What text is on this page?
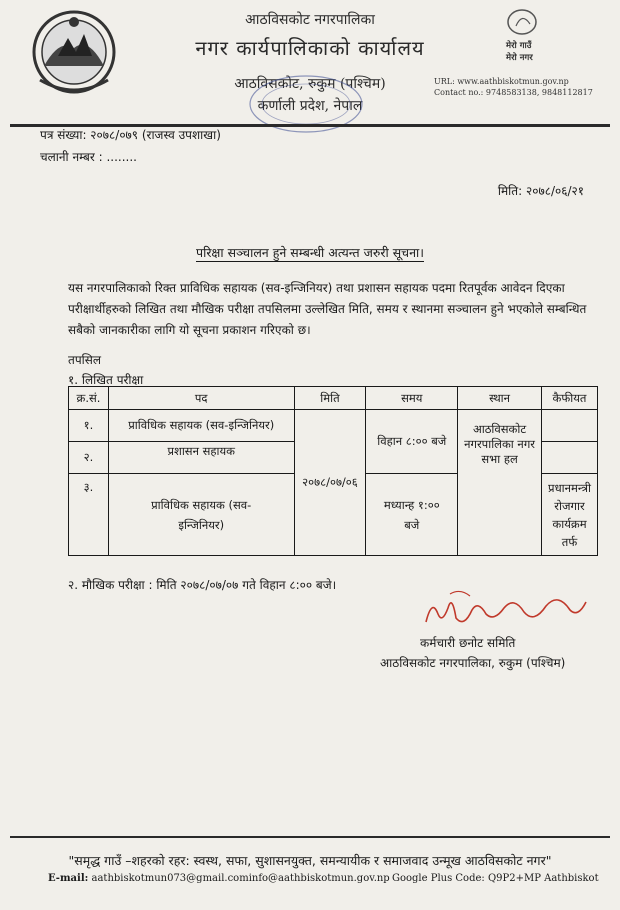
आठविसकोट नगरपालिका
नगर कार्यपालिकाको कार्यालय
आठविसकोट, रुकुम (पश्चिम)
कर्णाली प्रदेश, नेपाल
मेरो गाउँ
मेरो नगर
URL: www.aathbiskotmun.gov.np
Contact no.: 9748583138, 9848112817
पत्र संख्या: २०७८/०७९ (राजस्व उपशाखा)
चलानी नम्बर : ........
मिति: २०७८/०६/२१
परिक्षा सञ्चालन हुने सम्बन्धी अत्यन्त जरुरी सूचना।
यस नगरपालिकाको रिक्त प्राविधिक सहायक (सव-इन्जिनियर) तथा प्रशासन सहायक पदमा रितपूर्वक आवेदन दिएका परीक्षार्थीहरुको लिखित तथा मौखिक परीक्षा तपसिलमा उल्लेखित मिति, समय र स्थानमा सञ्चालन हुने भएकोले सम्बन्धित सबैको जानकारीका लागि यो सूचना प्रकाशन गरिएको छ।
तपसिल
१. लिखित परीक्षा
क्र.सं.	पद	मिति	समय	स्थान	कैफीयत
१.	प्राविधिक सहायक (सव-इन्जिनियर)	२०७८/०७/०६	विहान ८:०० बजे	आठविसकोट नगरपालिका नगर सभा हल	
२.	प्रशासन सहायक				
३.	प्राविधिक सहायक (सव-इन्जिनियर)		मध्यान्ह १:०० बजे		प्रधानमन्त्री रोजगार कार्यक्रम तर्फ
२. मौखिक परीक्षा : मिति २०७८/०७/०७ गते विहान ८:०० बजे।
कर्मचारी छनोट समिति
आठविसकोट नगरपालिका, रुकुम (पश्चिम)
"समृद्ध गाउँ –शहरको रहर: स्वस्थ, सफा, सुशासनयुक्त, समन्यायीक र समाजवाद उन्मूख आठविसकोट नगर"
E-mail: aathbiskotmun073@gmail.cominfo@aathbiskotmun.gov.np Google Plus Code: Q9P2+MP Aathbiskot
